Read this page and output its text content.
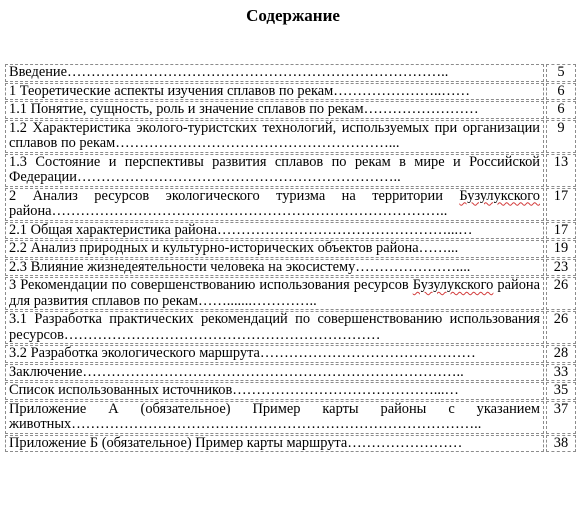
Содержание
Введение……………………………………………………………………..	5
1 Теоретические аспекты изучения сплавов по рекам…………………..……	6
1.1 Понятие, сущность, роль и значение сплавов по рекам……………………	6
1.2 Характеристика эколого-туристских технологий, используемых при организации сплавов по рекам…………………………………………………...	9
1.3 Состояние и перспективы развития сплавов по рекам в мире и Российской Федерации…………………………………………………………..	13
2 Анализ ресурсов экологического туризма на территории Бузулукского района………………………………………………………………………..	17
2.1 Общая характеристика района…………………………………………...…	17
2.2 Анализ природных и культурно-исторических объектов района……...	19
2.3 Влияние жизнедеятельности человека на экосистему…………………....	23
3 Рекомендации по совершенствованию использования ресурсов Бузулукского района для развития сплавов по рекам…….......…………..	26
3.1 Разработка практических рекомендаций по совершенствованию использования ресурсов…………………………………………………………	26
3.2 Разработка экологического маршрута………………………………………	28
Заключение……………………………………………………………………..	33
Список использованных источников……………………………………...…	35
Приложение А (обязательное) Пример карты районы с указанием животных…………………………………………………………………………..	37
Приложение Б (обязательное) Пример карты маршрута……………………	38
